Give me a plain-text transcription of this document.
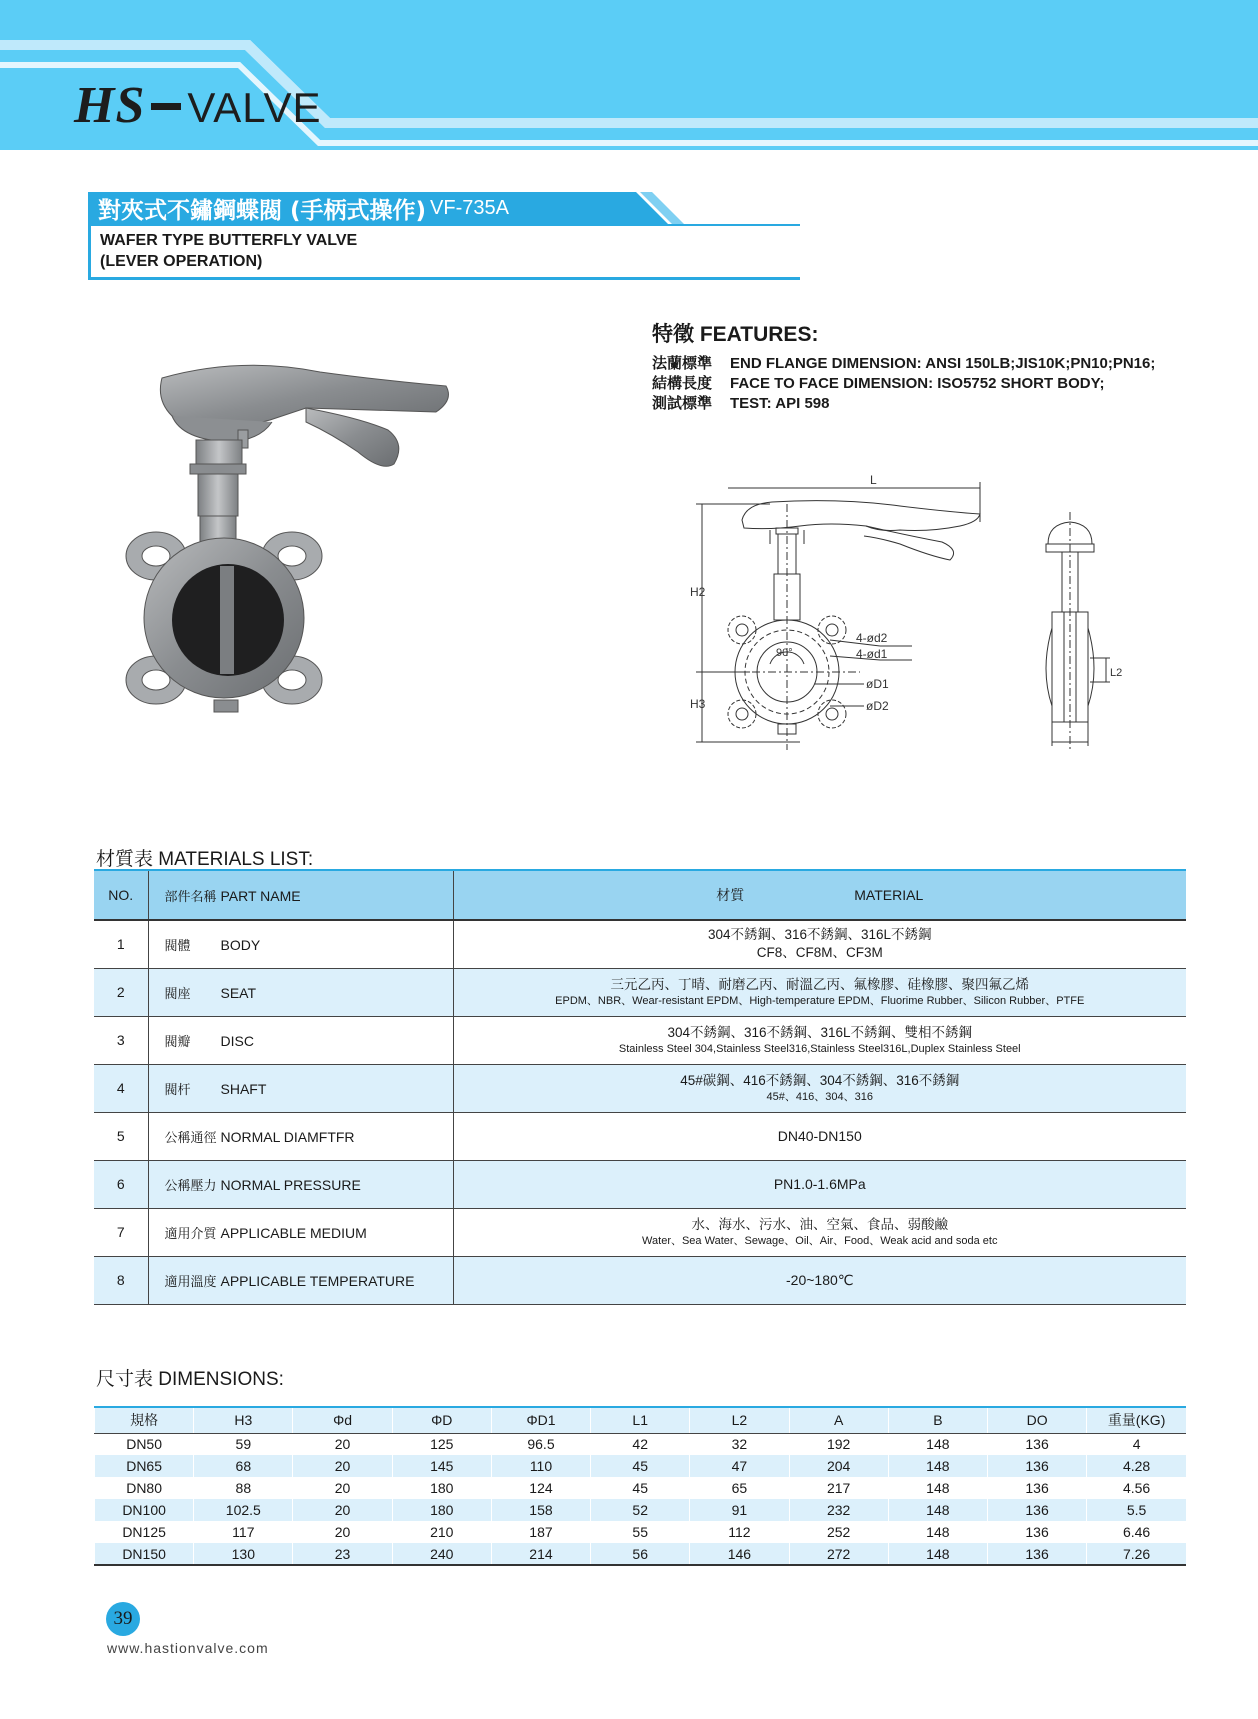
HS VALVE
對夾式不鏽鋼蝶閥 (手柄式操作) VF-735A
WAFER TYPE BUTTERFLY VALVE
(LEVER OPERATION)
特徵 FEATURES:
法蘭標準	END FLANGE DIMENSION: ANSI 150LB;JIS10K;PN10;PN16;
結構長度	FACE TO FACE DIMENSION: ISO5752 SHORT BODY;
測試標準	TEST: API 598
L
H2
H3
90°
4-ød2
4-ød1
øD1
øD2
L2
材質表 MATERIALS LIST:
NO.	部件名稱 PART NAME	材質 MATERIAL
1	閥體 BODY	304不銹鋼、316不銹鋼、316L不銹鋼
CF8、CF8M、CF3M

2	閥座 SEAT	三元乙丙、丁晴、耐磨乙丙、耐溫乙丙、氟橡膠、硅橡膠、聚四氟乙烯
EPDM、NBR、Wear-resistant EPDM、High-temperature EPDM、Fluorime Rubber、Silicon Rubber、PTFE

3	閥瓣 DISC	304不銹鋼、316不銹鋼、316L不銹鋼、雙相不銹鋼
Stainless Steel 304,Stainless Steel316,Stainless Steel316L,Duplex Stainless Steel

4	閥杆 SHAFT	45#碳鋼、416不銹鋼、304不銹鋼、316不銹鋼
45#、416、304、316

5	公稱通徑 NORMAL DIAMFTFR	DN40-DN150

6	公稱壓力 NORMAL PRESSURE	PN1.0-1.6MPa

7	適用介質 APPLICABLE MEDIUM	水、海水、污水、油、空氣、食品、弱酸鹼
Water、Sea Water、Sewage、Oil、Air、Food、Weak acid and soda etc

8	適用溫度 APPLICABLE TEMPERATURE	-20~180℃
尺寸表 DIMENSIONS:
規格	H3	Φd	ΦD	ΦD1	L1	L2	A	B	DO	重量(KG)
DN50	59	20	125	96.5	42	32	192	148	136	4
DN65	68	20	145	110	45	47	204	148	136	4.28
DN80	88	20	180	124	45	65	217	148	136	4.56
DN100	102.5	20	180	158	52	91	232	148	136	5.5
DN125	117	20	210	187	55	112	252	148	136	6.46
DN150	130	23	240	214	56	146	272	148	136	7.26
39
www.hastionvalve.com
